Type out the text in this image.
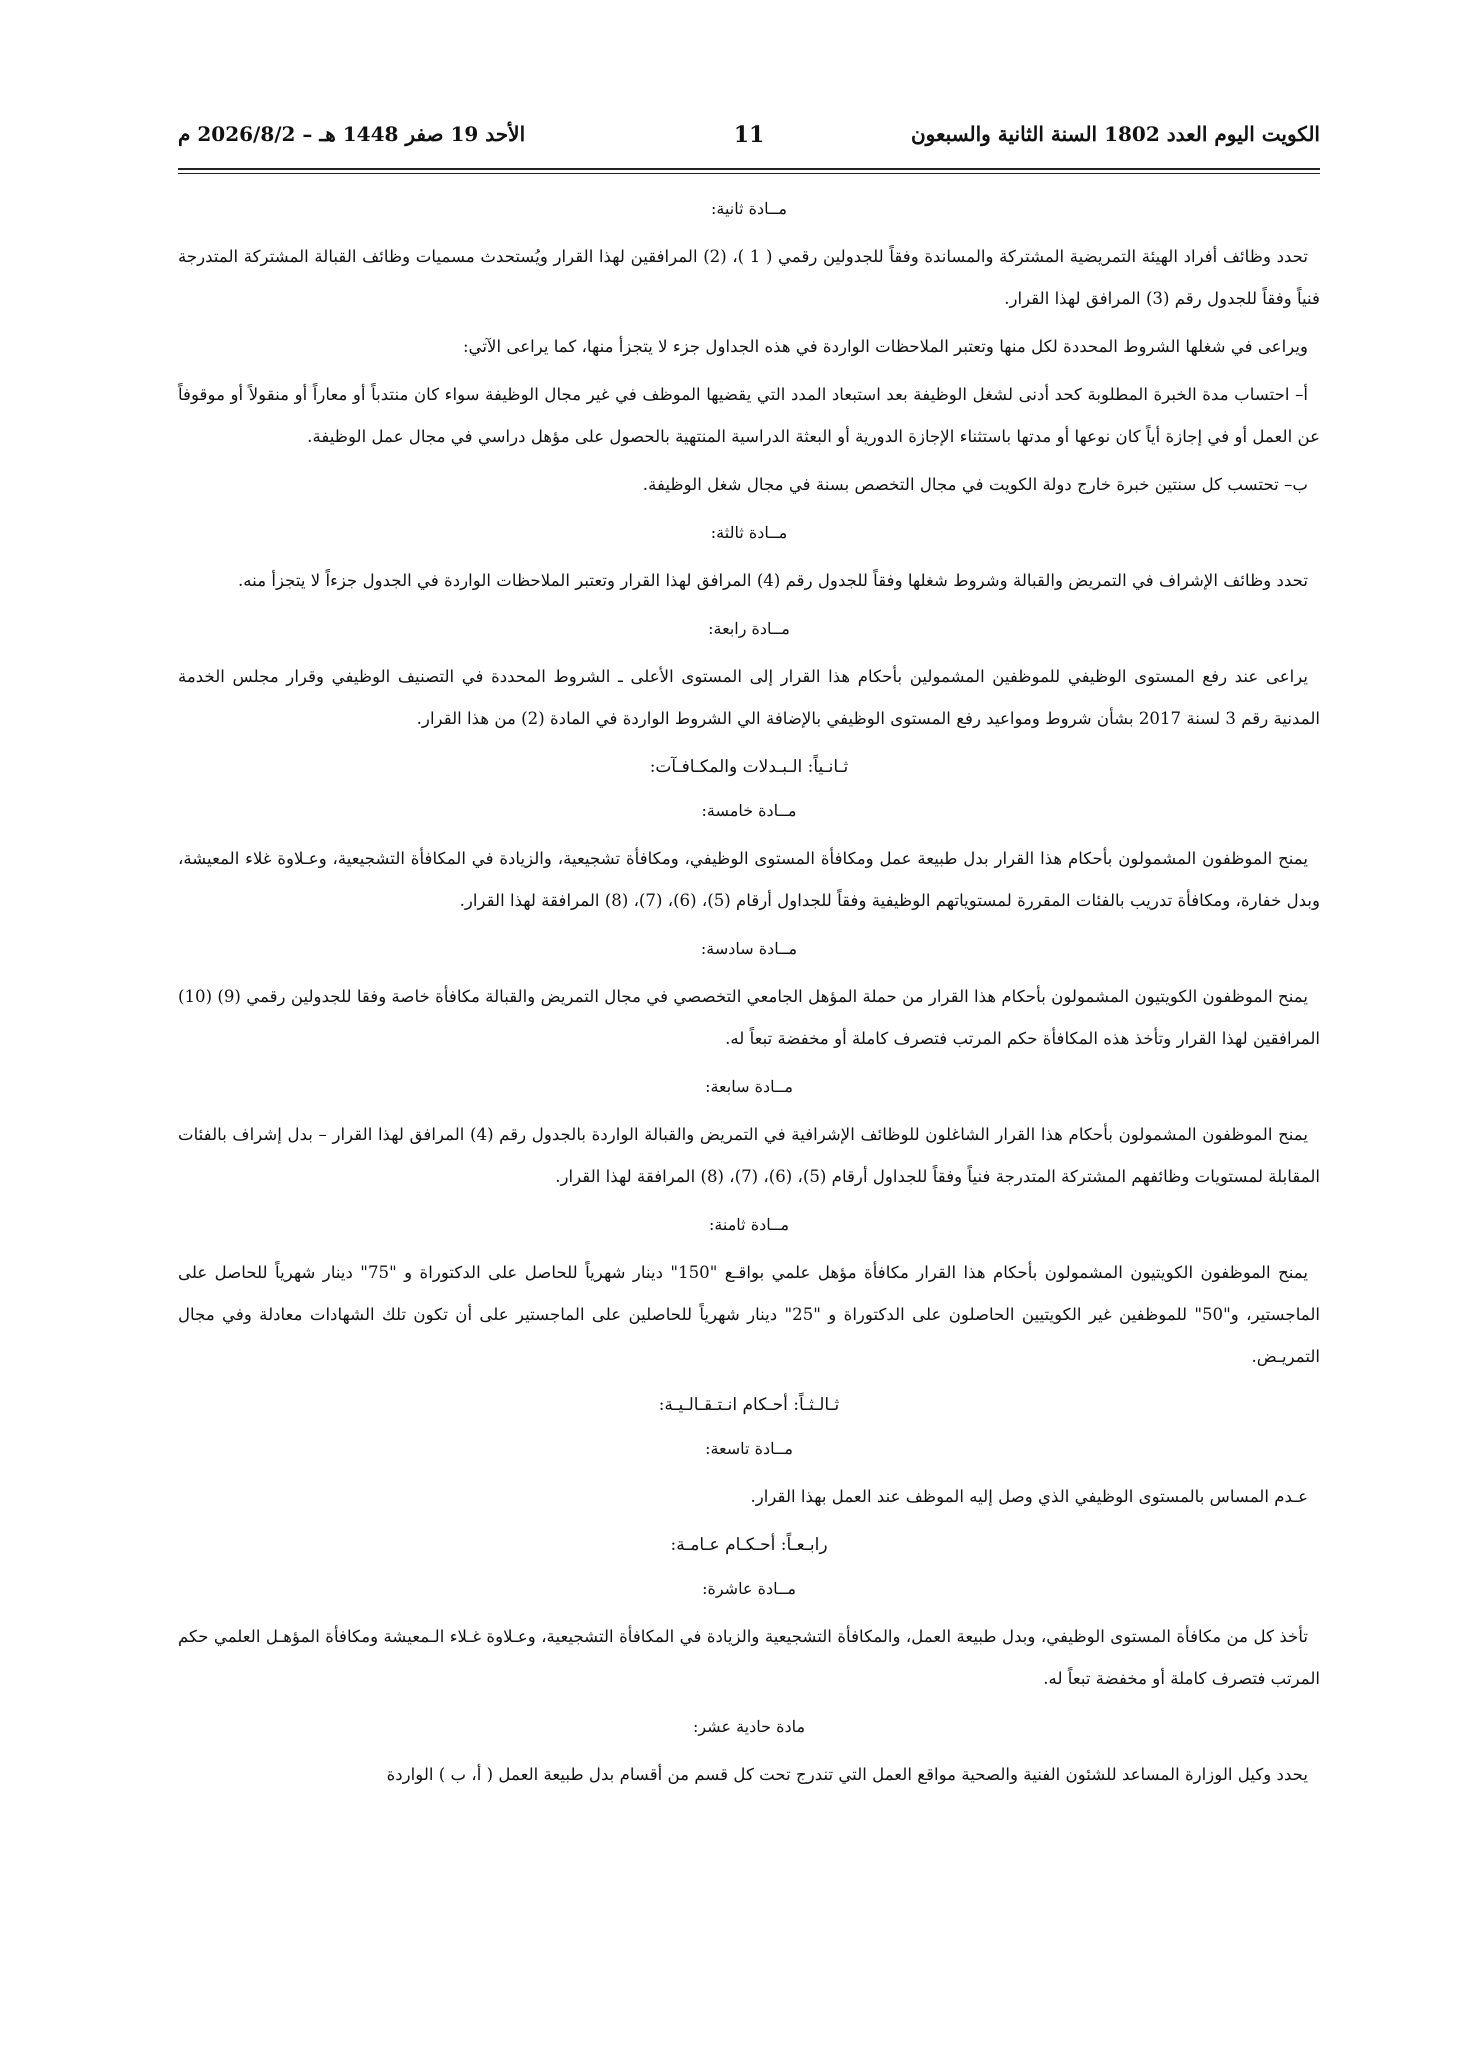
الكويت اليوم العدد 1802 السنة الثانية والسبعون
11
الأحد 19 صفر 1448 هـ – 2026/8/2 م
مــادة ثانية:
تحدد وظائف أفراد الهيئة التمريضية المشتركة والمساندة وفقاً للجدولين رقمي ( 1 )، (2) المرافقين لهذا القرار ويُستحدث مسميات وظائف القبالة المشتركة المتدرجة فنياً وفقاً للجدول رقم (3) المرافق لهذا القرار.
ويراعى في شغلها الشروط المحددة لكل منها وتعتبر الملاحظات الواردة في هذه الجداول جزء لا يتجزأ منها، كما يراعى الآتي:
أ– احتساب مدة الخبرة المطلوبة كحد أدنى لشغل الوظيفة بعد استبعاد المدد التي يقضيها الموظف في غير مجال الوظيفة سواء كان منتدباً أو معاراً أو منقولاً أو موقوفاً عن العمل أو في إجازة أياً كان نوعها أو مدتها باستثناء الإجازة الدورية أو البعثة الدراسية المنتهية بالحصول على مؤهل دراسي في مجال عمل الوظيفة.
ب– تحتسب كل سنتين خبرة خارج دولة الكويت في مجال التخصص بسنة في مجال شغل الوظيفة.
مــادة ثالثة:
تحدد وظائف الإشراف في التمريض والقبالة وشروط شغلها وفقاً للجدول رقم (4) المرافق لهذا القرار وتعتبر الملاحظات الواردة في الجدول جزءاً لا يتجزأ منه.
مــادة رابعة:
يراعى عند رفع المستوى الوظيفي للموظفين المشمولين بأحكام هذا القرار إلى المستوى الأعلى ـ الشروط المحددة في التصنيف الوظيفي وقرار مجلس الخدمة المدنية رقم 3 لسنة 2017 بشأن شروط ومواعيد رفع المستوى الوظيفي بالإضافة الي الشروط الواردة في المادة (2) من هذا القرار.
ثـانـياً: الـبـدلات والمكـافـآت:
مــادة خامسة:
يمنح الموظفون المشمولون بأحكام هذا القرار بدل طبيعة عمل ومكافأة المستوى الوظيفي، ومكافأة تشجيعية، والزيادة في المكافأة التشجيعية، وعـلاوة غلاء المعيشة، وبدل خفارة، ومكافأة تدريب بالفئات المقررة لمستوياتهم الوظيفية وفقاً للجداول أرقام (5)، (6)، (7)، (8) المرافقة لهذا القرار.
مــادة سادسة:
يمنح الموظفون الكويتيون المشمولون بأحكام هذا القرار من حملة المؤهل الجامعي التخصصي في مجال التمريض والقبالة مكافأة خاصة وفقا للجدولين رقمي (9) (10) المرافقين لهذا القرار وتأخذ هذه المكافأة حكم المرتب فتصرف كاملة أو مخفضة تبعاً له.
مــادة سابعة:
يمنح الموظفون المشمولون بأحكام هذا القرار الشاغلون للوظائف الإشرافية في التمريض والقبالة الواردة بالجدول رقم (4) المرافق لهذا القرار – بدل إشراف بالفئات المقابلة لمستويات وظائفهم المشتركة المتدرجة فنياً وفقاً للجداول أرقام (5)، (6)، (7)، (8) المرافقة لهذا القرار.
مــادة ثامنة:
يمنح الموظفون الكويتيون المشمولون بأحكام هذا القرار مكافأة مؤهل علمي بواقـع "150" دينار شهرياً للحاصل على الدكتوراة و "75" دينار شهرياً للحاصل على الماجستير، و"50" للموظفين غير الكويتيين الحاصلون على الدكتوراة و "25" دينار شهرياً للحاصلين على الماجستير على أن تكون تلك الشهادات معادلة وفي مجال التمريـض.
ثـالـثـاً: أحـكام انـتـقـالـيـة:
مــادة تاسعة:
عـدم المساس بالمستوى الوظيفي الذي وصل إليه الموظف عند العمل بهذا القرار.
رابـعـاً: أحـكـام عـامـة:
مــادة عاشرة:
تأخذ كل من مكافأة المستوى الوظيفي، وبدل طبيعة العمل، والمكافأة التشجيعية والزيادة في المكافأة التشجيعية، وعـلاوة غـلاء الـمعيشة ومكافأة المؤهـل العلمي حكم المرتب فتصرف كاملة أو مخفضة تبعاً له.
مادة حادية عشر:
يحدد وكيل الوزارة المساعد للشئون الفنية والصحية مواقع العمل التي تندرج تحت كل قسم من أقسام بدل طبيعة العمل ( أ، ب ) الواردة
